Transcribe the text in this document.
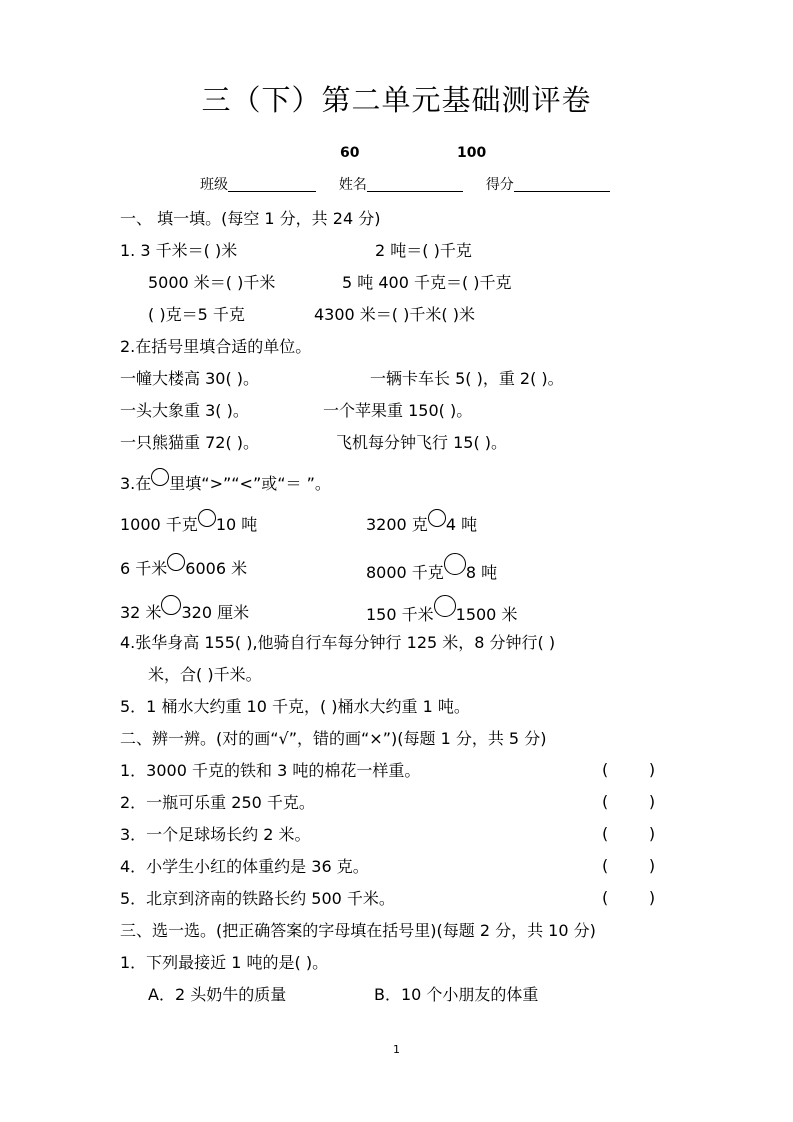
三（下）第二单元基础测评卷
60	100
班级	姓名	得分
一、 填一填。(每空 1 分，共 24 分)
1. 3 千米＝( )米	2 吨＝( )千克
5000 米＝( )千米	5 吨 400 千克＝( )千克
( )克＝5 千克	4300 米＝( )千米( )米
2.在括号里填合适的单位。
一幢大楼高 30( )。	一辆卡车长 5( )，重 2( )。
一头大象重 3( )。	一个苹果重 150( )。
一只熊猫重 72( )。	飞机每分钟飞行 15( )。
3.在 里填“>”“<”或“＝ ”。
1000 千克 10 吨	3200 克 4 吨
6 千米 6006 米	8000 千克 8 吨
32 米 320 厘米	150 千米 1500 米
4.张华身高 155( ),他骑自行车每分钟行 125 米，8 分钟行( )
米，合( )千米。
5．1 桶水大约重 10 千克，( )桶水大约重 1 吨。
二、辨一辨。(对的画“√”，错的画“×”)(每题 1 分，共 5 分)
1．3000 千克的铁和 3 吨的棉花一样重。	(        )
2．一瓶可乐重 250 千克。	(        )
3．一个足球场长约 2 米。	(        )
4．小学生小红的体重约是 36 克。	(        )
5．北京到济南的铁路长约 500 千米。	(        )
三、选一选。(把正确答案的字母填在括号里)(每题 2 分，共 10 分)
1．下列最接近 1 吨的是( )。
A．2 头奶牛的质量	B．10 个小朋友的体重
1
